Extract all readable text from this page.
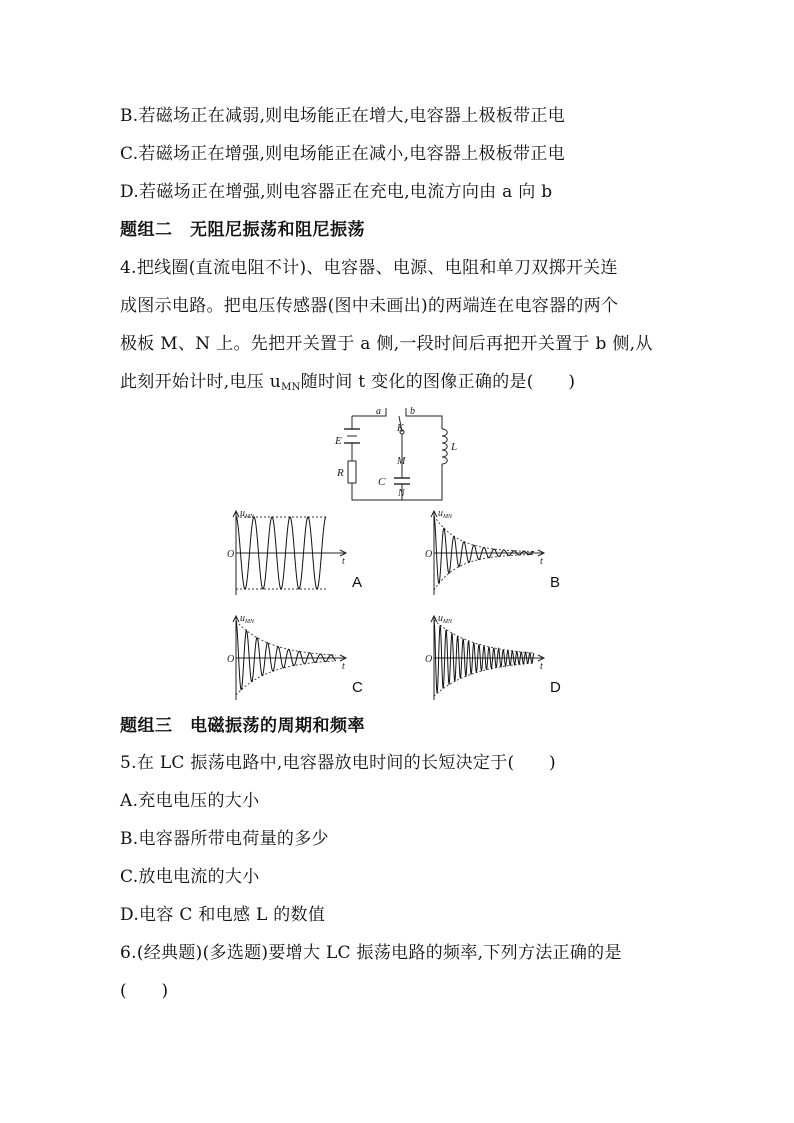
B.若磁场正在减弱,则电场能正在增大,电容器上极板带正电
C.若磁场正在增强,则电场能正在减小,电容器上极板带正电
D.若磁场正在增强,则电容器正在充电,电流方向由 a 向 b
题组二　无阻尼振荡和阻尼振荡
4.把线圈(直流电阻不计)、电容器、电源、电阻和单刀双掷开关连
成图示电路。把电压传感器(图中未画出)的两端连在电容器的两个
极板 M、N 上。先把开关置于 a 侧,一段时间后再把开关置于 b 侧,从
此刻开始计时,电压 $u_{MN}$随时间 t 变化的图像正确的是(　　)
E
R
a	b
K
M
C
N
L
$u_{MN}$
O
t
A
$u_{MN}$
O
t
B
$u_{MN}$
O
t
C
$u_{MN}$
O
t
D
题组三　电磁振荡的周期和频率
5.在 LC 振荡电路中,电容器放电时间的长短决定于(　　)
A.充电电压的大小
B.电容器所带电荷量的多少
C.放电电流的大小
D.电容 C 和电感 L 的数值
6.(经典题)(多选题)要增大 LC 振荡电路的频率,下列方法正确的是
(　　)
